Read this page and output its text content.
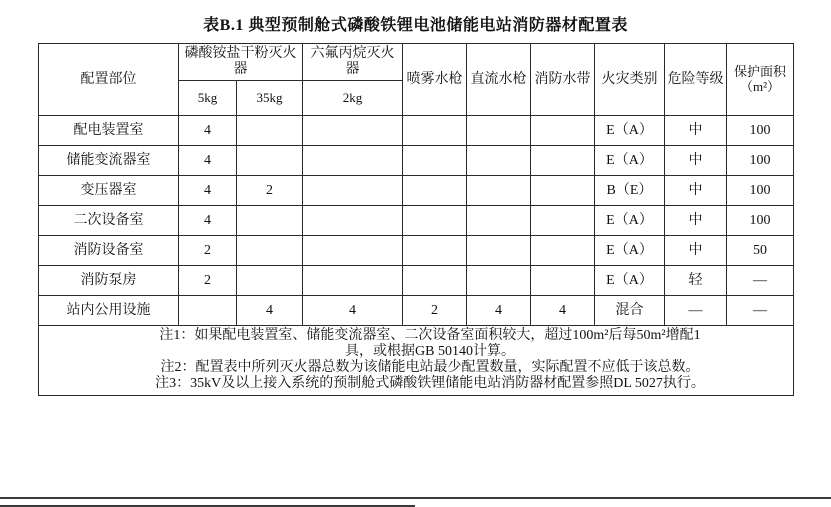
表B.1 典型预制舱式磷酸铁锂电池储能电站消防器材配置表
配置部位	磷酸铵盐干粉灭火器		六氟丙烷灭火器	喷雾水枪	直流水枪	消防水带	火灾类别	危险等级	保护面积（m²）
	5kg	35kg	2kg						
配电装置室	4						E（A）	中	100
储能变流器室	4						E（A）	中	100
变压器室	4	2					B（E）	中	100
二次设备室	4						E（A）	中	100
消防设备室	2						E（A）	中	50
消防泵房	2						E（A）	轻	—
站内公用设施		4	4	2	4	4	混合	—	—

注1：如果配电装置室、储能变流器室、二次设备室面积较大，超过100m²后每50m²增配1
具，或根据GB 50140计算。
注2：配置表中所列灭火器总数为该储能电站最少配置数量，实际配置不应低于该总数。
注3：35kV及以上接入系统的预制舱式磷酸铁锂储能电站消防器材配置参照DL 5027执行。									
